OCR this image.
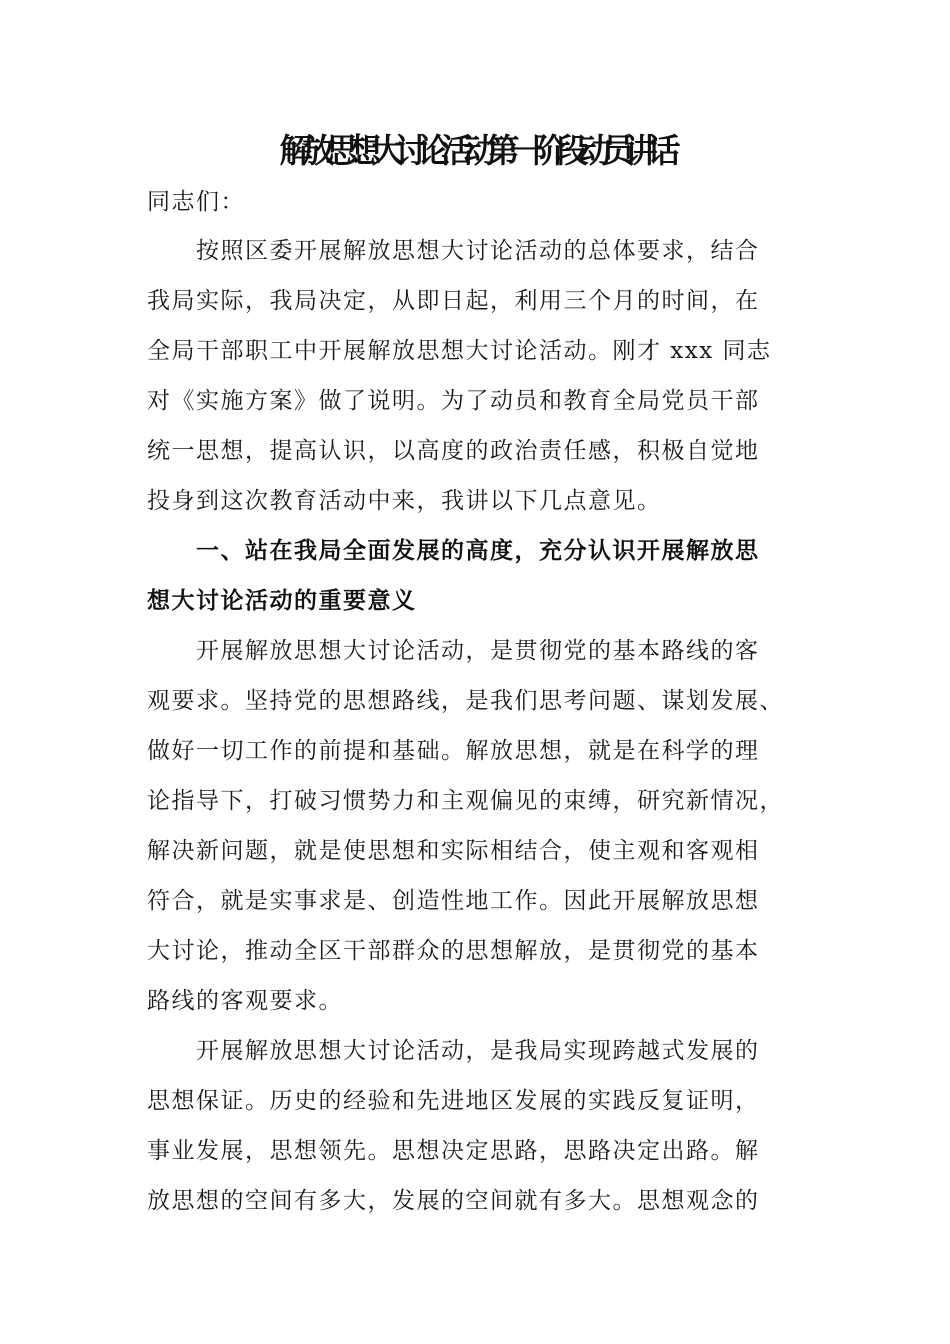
解放思想大讨论活动第一阶段动员讲话
同志们：
按照区委开展解放思想大讨论活动的总体要求，结合
我局实际，我局决定，从即日起，利用三个月的时间，在
全局干部职工中开展解放思想大讨论活动。刚才 xxx 同志
对《实施方案》做了说明。为了动员和教育全局党员干部
统一思想，提高认识，以高度的政治责任感，积极自觉地
投身到这次教育活动中来，我讲以下几点意见。
一、站在我局全面发展的高度，充分认识开展解放思
想大讨论活动的重要意义
开展解放思想大讨论活动，是贯彻党的基本路线的客
观要求。坚持党的思想路线，是我们思考问题、谋划发展、
做好一切工作的前提和基础。解放思想，就是在科学的理
论指导下，打破习惯势力和主观偏见的束缚，研究新情况，
解决新问题，就是使思想和实际相结合，使主观和客观相
符合，就是实事求是、创造性地工作。因此开展解放思想
大讨论，推动全区干部群众的思想解放，是贯彻党的基本
路线的客观要求。
开展解放思想大讨论活动，是我局实现跨越式发展的
思想保证。历史的经验和先进地区发展的实践反复证明，
事业发展，思想领先。思想决定思路，思路决定出路。解
放思想的空间有多大，发展的空间就有多大。思想观念的
